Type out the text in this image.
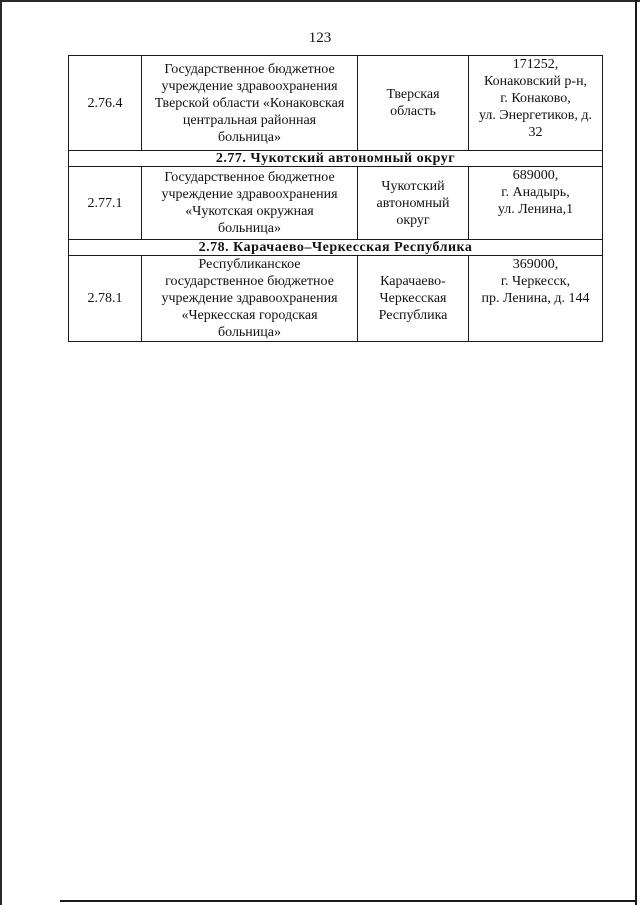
123
2.76.4	Государственное бюджетное
учреждение здравоохранения
Тверской области «Конаковская
центральная районная
больница»	Тверская
область	171252,
Конаковский р-н,
г. Конаково,
ул. Энергетиков, д.
32

2.77. Чукотский автономный округ			

2.77.1	Государственное бюджетное
учреждение здравоохранения
«Чукотская окружная
больница»	Чукотский
автономный
округ	689000,
г. Анадырь,
ул. Ленина,1

2.78. Карачаево–Черкесская Республика			

2.78.1	Республиканское
государственное бюджетное
учреждение здравоохранения
«Черкесская городская
больница»	Карачаево-
Черкесская
Республика	369000,
г. Черкесск,
пр. Ленина, д. 144
